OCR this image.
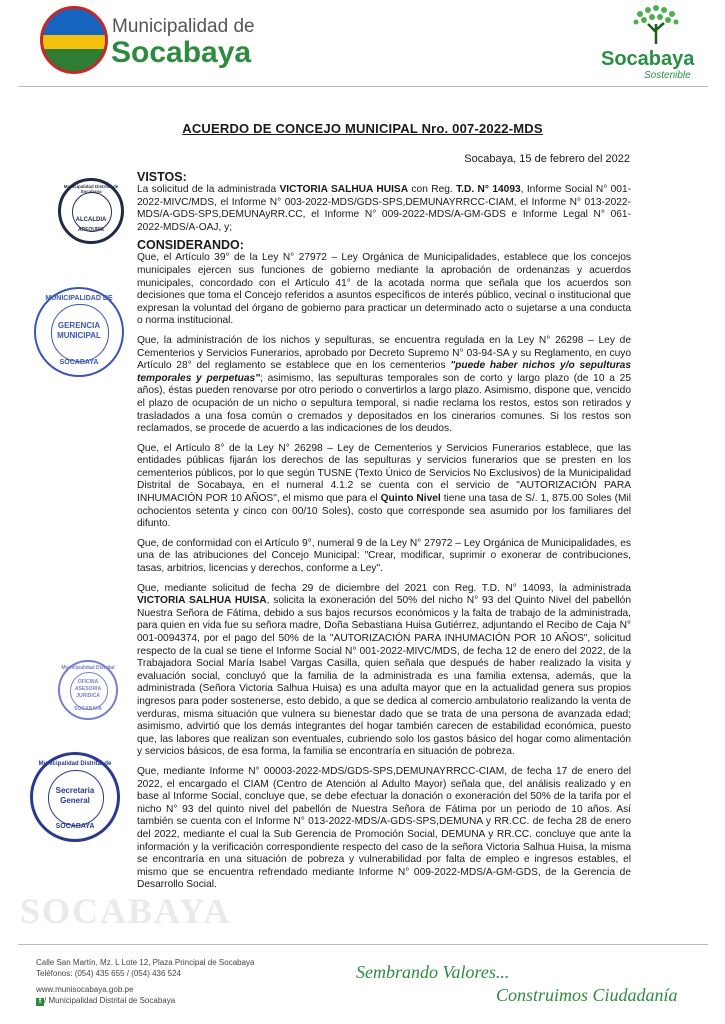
Municipalidad de
Socabaya	Socabaya
Sostenible
SOCABAYA
ACUERDO DE CONCEJO MUNICIPAL Nro. 007-2022-MDS
Socabaya, 15 de febrero del 2022
Municipalidad Distrital de Socabaya
ALCALDIA
AREQUIPA
MUNICIPALIDAD DE
GERENCIA
MUNICIPAL
SOCABAYA
Municipalidad Distrital
OFICINA
ASESORIA
JURIDICA
SOCABAYA
Municipalidad Distrital de
Secretaria
General
SOCABAYA
VISTOS:

La solicitud de la administrada VICTORIA SALHUA HUISA con Reg. T.D. N° 14093, Informe Social N° 001-2022-MIVC/MDS, el Informe N° 003-2022-MDS/GDS-SPS,DEMUNAYRRCC-CIAM, el Informe N° 013-2022-MDS/A-GDS-SPS,DEMUNAyRR.CC, el Informe N° 009-2022-MDS/A-GM-GDS e Informe Legal N° 061-2022-MDS/A-OAJ, y;

CONSIDERANDO:

Que, el Artículo 39° de la Ley N° 27972 – Ley Orgánica de Municipalidades, establece que los concejos municipales ejercen sus funciones de gobierno mediante la aprobación de ordenanzas y acuerdos municipales, concordado con el Artículo 41° de la acotada norma que señala que los acuerdos son decisiones que toma el Concejo referidos a asuntos específicos de interés público, vecinal o institucional que expresan la voluntad del órgano de gobierno para practicar un determinado acto o sujetarse a una conducta o norma institucional.

Que, la administración de los nichos y sepulturas, se encuentra regulada en la Ley N° 26298 – Ley de Cementerios y Servicios Funerarios, aprobado por Decreto Supremo N° 03-94-SA y su Reglamento, en cuyo Artículo 28° del reglamento se establece que en los cementerios "puede haber nichos y/o sepulturas temporales y perpetuas"; asimismo, las sepulturas temporales son de corto y largo plazo (de 10 a 25 años), éstas pueden renovarse por otro periodo o convertirlos a largo plazo. Asimismo, dispone que, vencido el plazo de ocupación de un nicho o sepultura temporal, si nadie reclama los restos, estos son retirados y trasladados a una fosa común o cremados y depositados en los cinerarios comunes. Si los restos son reclamados, se procede de acuerdo a las indicaciones de los deudos.

Que, el Artículo 8° de la Ley N° 26298 – Ley de Cementerios y Servicios Funerarios establece, que las entidades públicas fijarán los derechos de las sepulturas y servicios funerarios que se presten en los cementerios públicos, por lo que según TUSNE (Texto Único de Servicios No Exclusivos) de la Municipalidad Distrital de Socabaya, en el numeral 4.1.2 se cuenta con el servicio de "AUTORIZACIÓN PARA INHUMACIÓN POR 10 AÑOS", el mismo que para el Quinto Nivel tiene una tasa de S/. 1, 875.00 Soles (Mil ochocientos setenta y cinco con 00/10 Soles), costo que corresponde sea asumido por los familiares del difunto.

Que, de conformidad con el Artículo 9°, numeral 9 de la Ley N° 27972 – Ley Orgánica de Municipalidades, es una de las atribuciones del Concejo Municipal: "Crear, modificar, suprimir o exonerar de contribuciones, tasas, arbitrios, licencias y derechos, conforme a Ley".

Que, mediante solicitud de fecha 29 de diciembre del 2021 con Reg. T.D. N° 14093, la administrada VICTORIA SALHUA HUISA, solicita la exoneración del 50% del nicho N° 93 del Quinto Nivel del pabellón Nuestra Señora de Fátima, debido a sus bajos recursos económicos y la falta de trabajo de la administrada, para quien en vida fue su señora madre, Doña Sebastiana Huisa Gutiérrez, adjuntando el Recibo de Caja N° 001-0094374, por el pago del 50% de la "AUTORIZACIÓN PARA INHUMACIÓN POR 10 AÑOS", solicitud respecto de la cual se tiene el Informe Social N° 001-2022-MIVC/MDS, de fecha 12 de enero del 2022, de la Trabajadora Social María Isabel Vargas Casilla, quien señala que después de haber realizado la visita y evaluación social, concluyó que la familia de la administrada es una familia extensa, además, que la administrada (Señora Victoria Salhua Huisa) es una adulta mayor que en la actualidad genera sus propios ingresos para poder sostenerse, esto debido, a que se dedica al comercio ambulatorio realizando la venta de verduras, misma situación que vulnera su bienestar dado que se trata de una persona de avanzada edad; asimismo, advirtió que los demás integrantes del hogar también carecen de estabilidad económica, puesto que, las labores que realizan son eventuales, cubriendo solo los gastos básico del hogar como alimentación y servicios básicos, de esa forma, la familia se encontraría en situación de pobreza.

Que, mediante Informe N° 00003-2022-MDS/GDS-SPS,DEMUNAYRRCC-CIAM, de fecha 17 de enero del 2022, el encargado el CIAM (Centro de Atención al Adulto Mayor) señala que, del análisis realizado y en base al Informe Social, concluye que, se debe efectuar la donación o exoneración del 50% de la tarifa por el nicho N° 93 del quinto nivel del pabellón de Nuestra Señora de Fátima por un periodo de 10 años. Así también se cuenta con el Informe N° 013-2022-MDS/A-GDS-SPS,DEMUNA y RR.CC. de fecha 28 de enero del 2022, mediante el cual la Sub Gerencia de Promoción Social, DEMUNA y RR.CC. concluye que ante la información y la verificación correspondiente respecto del caso de la señora Victoria Salhua Huisa, la misma se encontraría en una situación de pobreza y vulnerabilidad por falta de empleo e ingresos estables, el mismo que se encuentra refrendado mediante Informe N° 009-2022-MDS/A-GM-GDS, de la Gerencia de Desarrollo Social.

Calle San Martín, Mz. L Lote 12, Plaza Principal de Socabaya
Teléfonos: (054) 435 655 / (054) 436 524
www.munisocabaya.gob.pe
f / Municipalidad Distrital de Socabaya
Sembrando Valores...
Construimos Ciudadanía
